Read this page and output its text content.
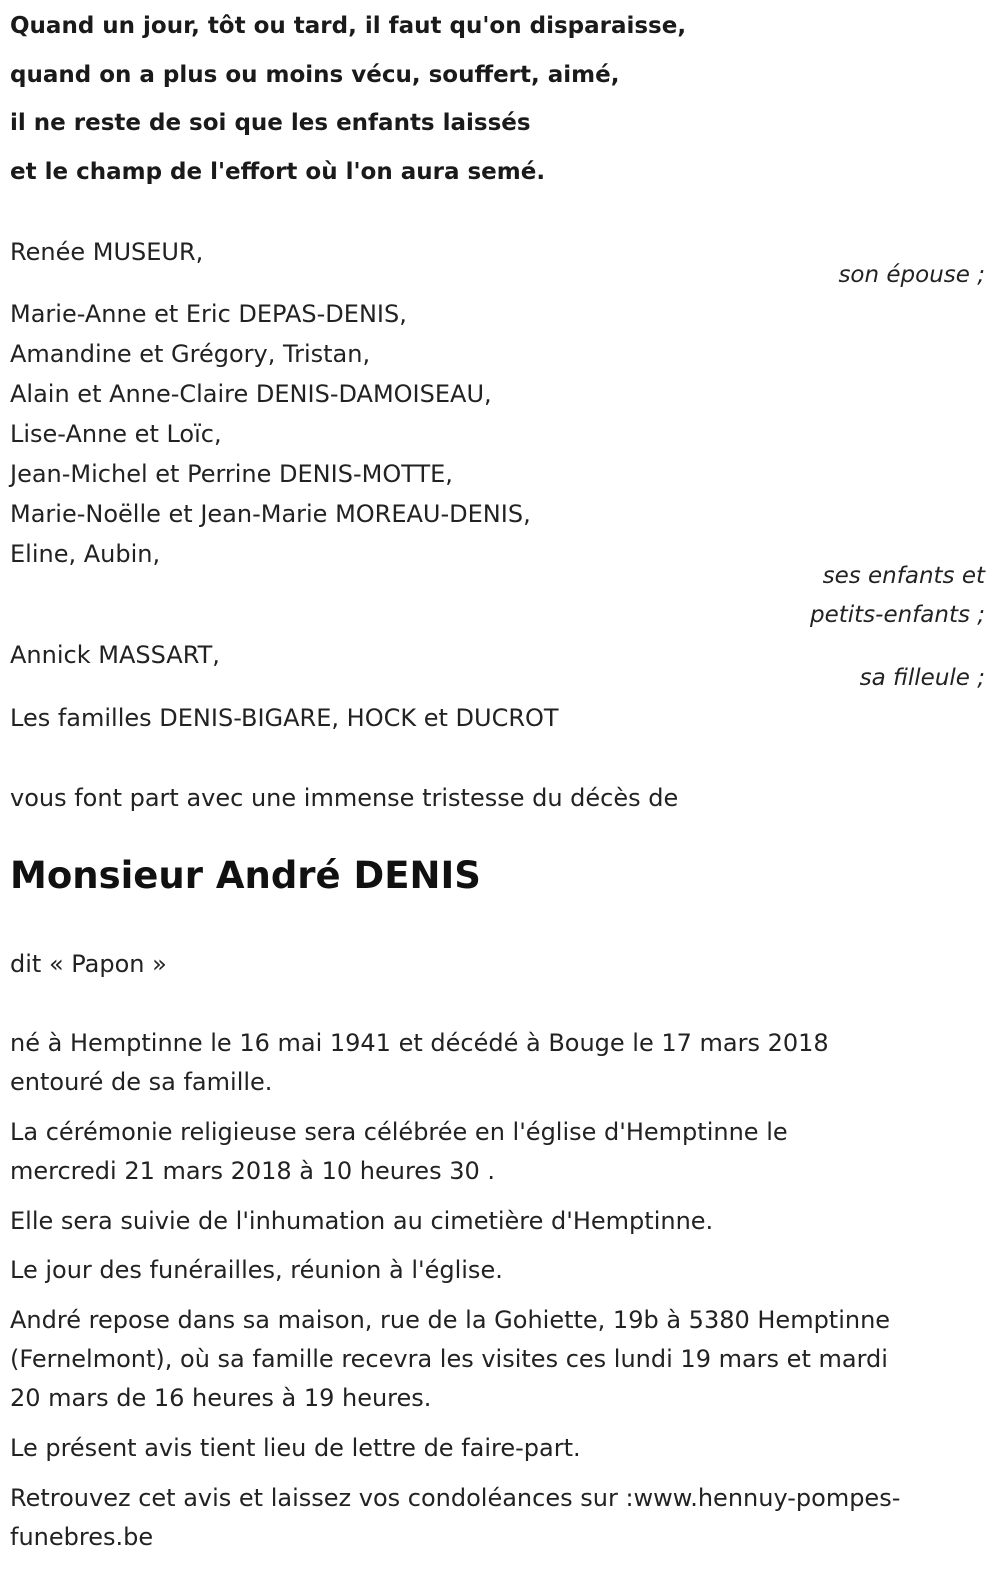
Quand un jour, tôt ou tard, il faut qu'on disparaisse,
quand on a plus ou moins vécu, souffert, aimé,
il ne reste de soi que les enfants laissés
et le champ de l'effort où l'on aura semé.
Renée MUSEUR,
son épouse ;
Marie-Anne et Eric DEPAS-DENIS,
Amandine et Grégory, Tristan,
Alain et Anne-Claire DENIS-DAMOISEAU,
Lise-Anne et Loïc,
Jean-Michel et Perrine DENIS-MOTTE,
Marie-Noëlle et Jean-Marie MOREAU-DENIS,
Eline, Aubin,
ses enfants et
petits-enfants ;
Annick MASSART,
sa filleule ;
Les familles DENIS-BIGARE, HOCK et DUCROT
vous font part avec une immense tristesse du décès de
Monsieur André DENIS
dit « Papon »
né à Hemptinne le 16 mai 1941 et décédé à Bouge le 17 mars 2018
entouré de sa famille.
La cérémonie religieuse sera célébrée en l'église d'Hemptinne le
mercredi 21 mars 2018 à 10 heures 30 .
Elle sera suivie de l'inhumation au cimetière d'Hemptinne.
Le jour des funérailles, réunion à l'église.
André repose dans sa maison, rue de la Gohiette, 19b à 5380 Hemptinne
(Fernelmont), où sa famille recevra les visites ces lundi 19 mars et mardi
20 mars de 16 heures à 19 heures.
Le présent avis tient lieu de lettre de faire-part.
Retrouvez cet avis et laissez vos condoléances sur :www.hennuy-pompes-
funebres.be
